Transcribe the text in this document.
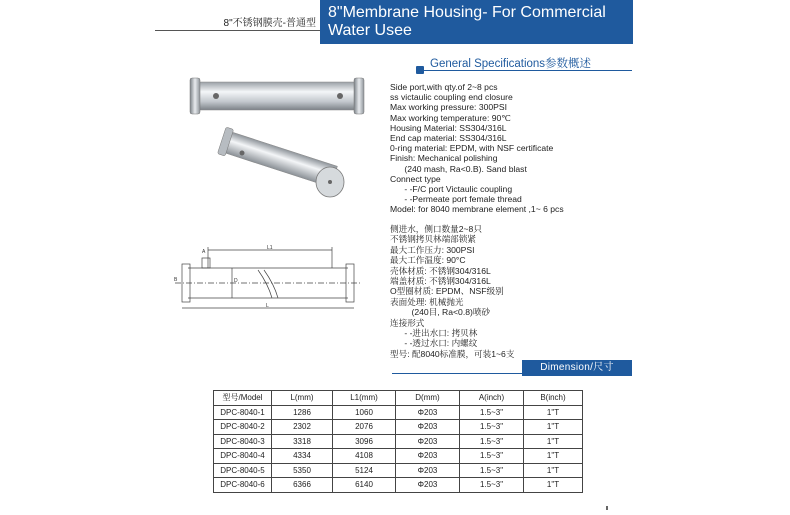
8"不锈钢膜壳-普通型
8"Membrane Housing- For Commercial
Water Usee
General Specifications参数概述
A
L1
L
D
B
Side port,with qty.of 2~8 pcs
ss victaulic coupling end closure
Max working pressure: 300PSI
Max working temperature: 90℃
Housing Material: SS304/316L
End cap material: SS304/316L
0-ring material: EPDM, with NSF certificate
Finish: Mechanical polishing
(240 mash, Ra<0.B). Sand blast
Connect type
- -F/C port Victaulic coupling
- -Permeate port female thread
Model: for 8040 membrane element ,1~ 6 pcs
侧进水，侧口数量2~8只
不锈钢拷贝林端部锁紧
最大工作压力: 300PSI
最大工作温度: 90°C
壳体材质: 不锈钢304/316L
端盖材质: 不锈钢304/316L
O型圈材质: EPDM、NSF级别
表面处理: 机械抛光
(240目, Ra<0.8)喷砂
连接形式
- -进出水口: 拷贝林
- -透过水口: 内螺纹
型号: 配8040标准膜，可装1~6支
Dimension/尺寸
型号/Model	L(mm)	L1(mm)	D(mm)	A(inch)	B(inch)
DPC-8040-1	1286	1060	Φ203	1.5~3"	1"T
DPC-8040-2	2302	2076	Φ203	1.5~3"	1"T
DPC-8040-3	3318	3096	Φ203	1.5~3"	1"T
DPC-8040-4	4334	4108	Φ203	1.5~3"	1"T
DPC-8040-5	5350	5124	Φ203	1.5~3"	1"T
DPC-8040-6	6366	6140	Φ203	1.5~3"	1"T
